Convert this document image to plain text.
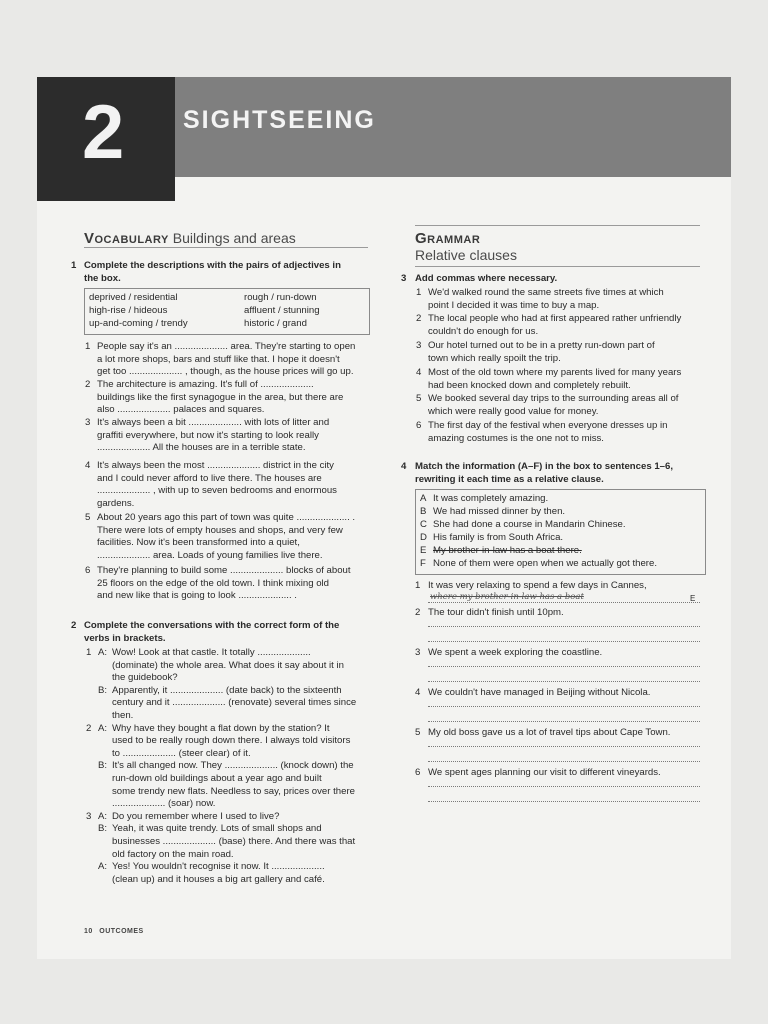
2 SIGHTSEEING
Vocabulary Buildings and areas
1 Complete the descriptions with the pairs of adjectives in
the box.
deprived / residential
high-rise / hideous
up-and-coming / trendy
rough / run-down
affluent / stunning
historic / grand
1 People say it's an .................... area. They're starting to open
a lot more shops, bars and stuff like that. I hope it doesn't
get too .................... , though, as the house prices will go up.
2 The architecture is amazing. It's full of ....................
buildings like the first synagogue in the area, but there are
also .................... palaces and squares.
3 It's always been a bit .................... with lots of litter and
graffiti everywhere, but now it's starting to look really
.................... All the houses are in a terrible state.
4 It's always been the most .................... district in the city
and I could never afford to live there. The houses are
.................... , with up to seven bedrooms and enormous
gardens.
5 About 20 years ago this part of town was quite .................... .
There were lots of empty houses and shops, and very few
facilities. Now it's been transformed into a quiet,
.................... area. Loads of young families live there.
6 They're planning to build some .................... blocks of about
25 floors on the edge of the old town. I think mixing old
and new like that is going to look .................... .
2 Complete the conversations with the correct form of the
verbs in brackets.
1 A: Wow! Look at that castle. It totally ....................
(dominate) the whole area. What does it say about it in
the guidebook?
B: Apparently, it .................... (date back) to the sixteenth
century and it .................... (renovate) several times since
then.
2 A: Why have they bought a flat down by the station? It
used to be really rough down there. I always told visitors
to .................... (steer clear) of it.
B: It's all changed now. They .................... (knock down) the
run-down old buildings about a year ago and built
some trendy new flats. Needless to say, prices over there
.................... (soar) now.
3 A: Do you remember where I used to live?
B: Yeah, it was quite trendy. Lots of small shops and
businesses .................... (base) there. And there was that
old factory on the main road.
A: Yes! You wouldn't recognise it now. It ....................
(clean up) and it houses a big art gallery and café.
Grammar
Relative clauses
3 Add commas where necessary.
1 We'd walked round the same streets five times at which
point I decided it was time to buy a map.
2 The local people who had at first appeared rather unfriendly
couldn't do enough for us.
3 Our hotel turned out to be in a pretty run-down part of
town which really spoilt the trip.
4 Most of the old town where my parents lived for many years
had been knocked down and completely rebuilt.
5 We booked several day trips to the surrounding areas all of
which were really good value for money.
6 The first day of the festival when everyone dresses up in
amazing costumes is the one not to miss.
4 Match the information (A–F) in the box to sentences 1–6,
rewriting it each time as a relative clause.
A It was completely amazing.
B We had missed dinner by then.
C She had done a course in Mandarin Chinese.
D His family is from South Africa.
E My brother-in-law has a boat there.
F None of them were open when we actually got there.
1 It was very relaxing to spend a few days in Cannes,
2 The tour didn't finish until 10pm.
3 We spent a week exploring the coastline.
4 We couldn't have managed in Beijing without Nicola.
5 My old boss gave us a lot of travel tips about Cape Town.
6 We spent ages planning our visit to different vineyards.
where my brother-in-law has a boat	E
10 OUTCOMES
